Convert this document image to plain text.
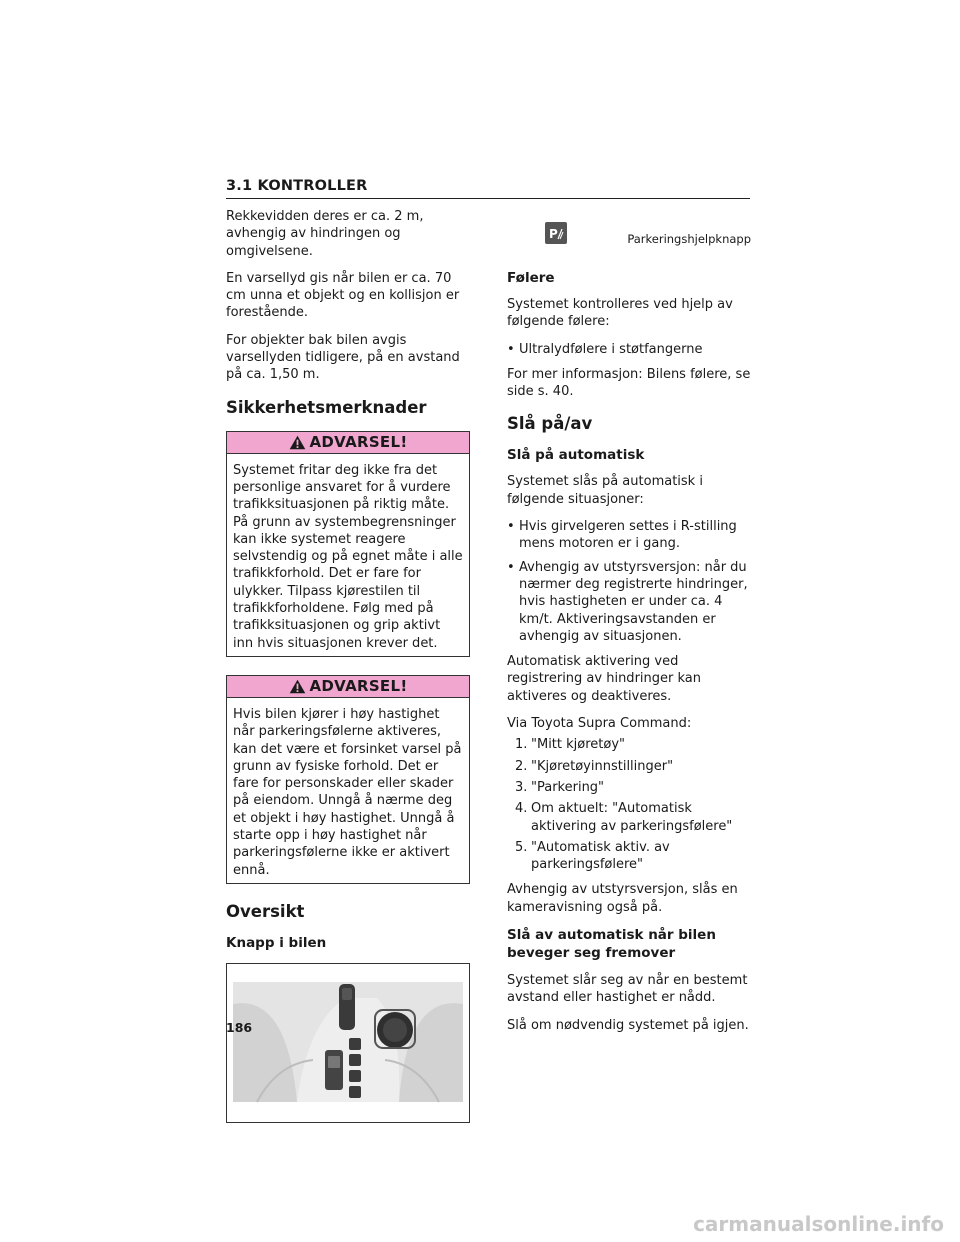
3.1 KONTROLLER

Rekkevidden deres er ca. 2 m, avhengig av hindringen og omgivelsene.

En varsellyd gis når bilen er ca. 70 cm unna et objekt og en kollisjon er forestående.

For objekter bak bilen avgis varsellyden tidligere, på en avstand på ca. 1,50 m.

Sikkerhetsmerknader
ADVARSEL!
Systemet fritar deg ikke fra det personlige ansvaret for å vurdere trafikksituasjonen på riktig måte. På grunn av systembegrensninger kan ikke systemet reagere selvstendig og på egnet måte i alle trafikkforhold. Det er fare for ulykker. Tilpass kjørestilen til trafikkforholdene. Følg med på trafikksituasjonen og grip aktivt inn hvis situasjonen krever det.
ADVARSEL!
Hvis bilen kjører i høy hastighet når parkeringsfølerne aktiveres, kan det være et forsinket varsel på grunn av fysiske forhold. Det er fare for personskader eller skader på eiendom. Unngå å nærme deg et objekt i høy hastighet. Unngå å starte opp i høy hastighet når parkeringsfølerne ikke er aktivert ennå.
Oversikt
Knapp i bilen
P	Parkeringshjelpknapp
Følere

Systemet kontrolleres ved hjelp av følgende følere:

• Ultralydfølere i støtfangerne

For mer informasjon: Bilens følere, se side s. 40.

Slå på/av
Slå på automatisk

Systemet slås på automatisk i følgende situasjoner:

• Hvis girvelgeren settes i R-stilling mens motoren er i gang.
• Avhengig av utstyrsversjon: når du nærmer deg registrerte hindringer, hvis hastigheten er under ca. 4 km/t. Aktiveringsavstanden er avhengig av situasjonen.

Automatisk aktivering ved registrering av hindringer kan aktiveres og deaktiveres.

Via Toyota Supra Command:

1. "Mitt kjøretøy"
2. "Kjøretøyinnstillinger"
3. "Parkering"
4. Om aktuelt: "Automatisk aktivering av parkeringsfølere"
5. "Automatisk aktiv. av parkeringsfølere"

Avhengig av utstyrsversjon, slås en kameravisning også på.

Slå av automatisk når bilen beveger seg fremover

Systemet slår seg av når en bestemt avstand eller hastighet er nådd.

Slå om nødvendig systemet på igjen.

186
carmanualsonline.info
